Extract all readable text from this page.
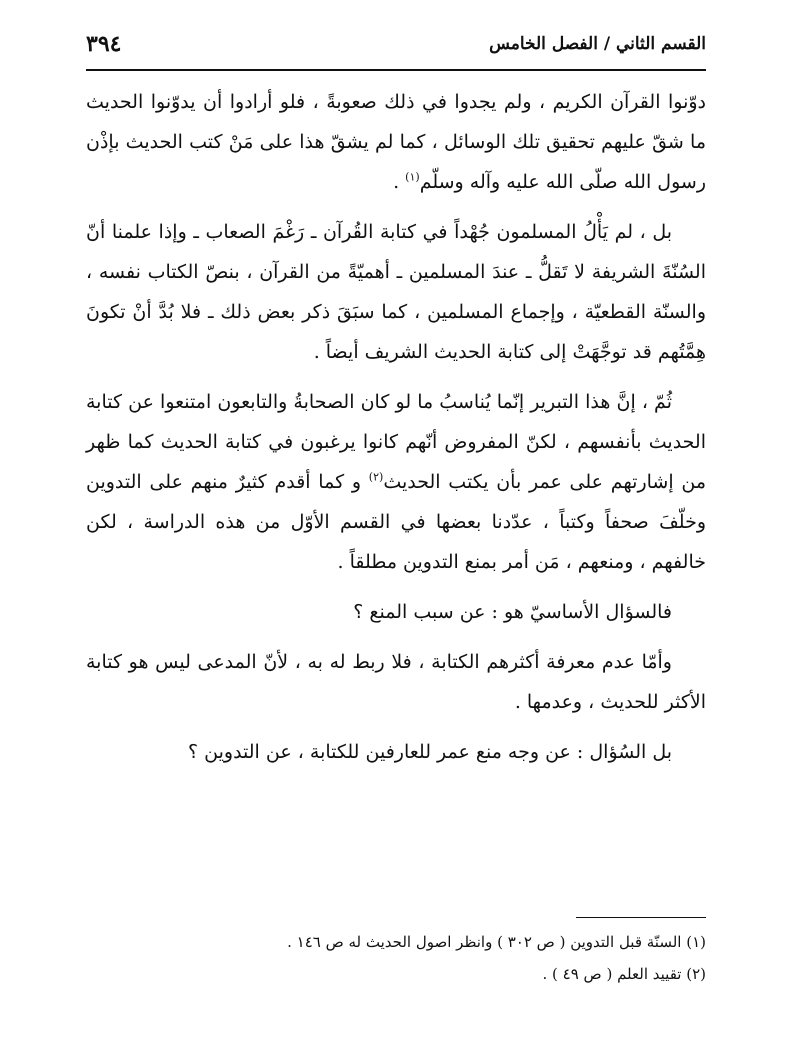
القسم الثاني / الفصل الخامس
٣٩٤

دوّنوا القرآن الكريم ، ولم يجدوا في ذلك صعوبةً ، فلو أرادوا أن يدوّنوا الحديث ما شقّ عليهم تحقيق تلك الوسائل ، كما لم يشقّ هذا على مَنْ كتب الحديث بإذْن رسول الله صلّى الله عليه وآله وسلّم$^{(١)}$ .

بل ، لم يَأْلُ المسلمون جُهْداً في كتابة القُرآن ـ رَغْمَ الصعاب ـ وإذا علمنا أنّ السُنّةَ الشريفة لا تَقلُّ ـ عندَ المسلمين ـ أهميّةً من القرآن ، بنصّ الكتاب نفسه ، والسنّة القطعيّة ، وإجماع المسلمين ، كما سبَقَ ذكر بعض ذلك ـ فلا بُدَّ أنْ تكونَ هِمَّتُهم قد توجَّهَتْ إلى كتابة الحديث الشريف أيضاً .

ثُمّ ، إنَّ هذا التبرير إنّما يُناسبُ ما لو كان الصحابةُ والتابعون امتنعوا عن كتابة الحديث بأنفسهم ، لكنّ المفروض أنّهم كانوا يرغبون في كتابة الحديث كما ظهر من إشارتهم على عمر بأن يكتب الحديث$^{(٢)}$ و كما أقدم كثيرٌ منهم على التدوين وخلّفَ صحفاً وكتباً ، عدّدنا بعضها في القسم الأوّل من هذه الدراسة ، لكن خالفهم ، ومنعهم ، مَن أمر بمنع التدوين مطلقاً .

فالسؤال الأساسيّ هو : عن سبب المنع ؟

وأمّا عدم معرفة أكثرهم الكتابة ، فلا ربط له به ، لأنّ المدعى ليس هو كتابة الأكثر للحديث ، وعدمها .

بل السُؤال : عن وجه منع عمر للعارفين للكتابة ، عن التدوين ؟

(١) السنّة قبل التدوين ( ص ٣٠٢ ) وانظر اصول الحديث له ص ١٤٦ .

(٢) تقييد العلم ( ص ٤٩ ) .
